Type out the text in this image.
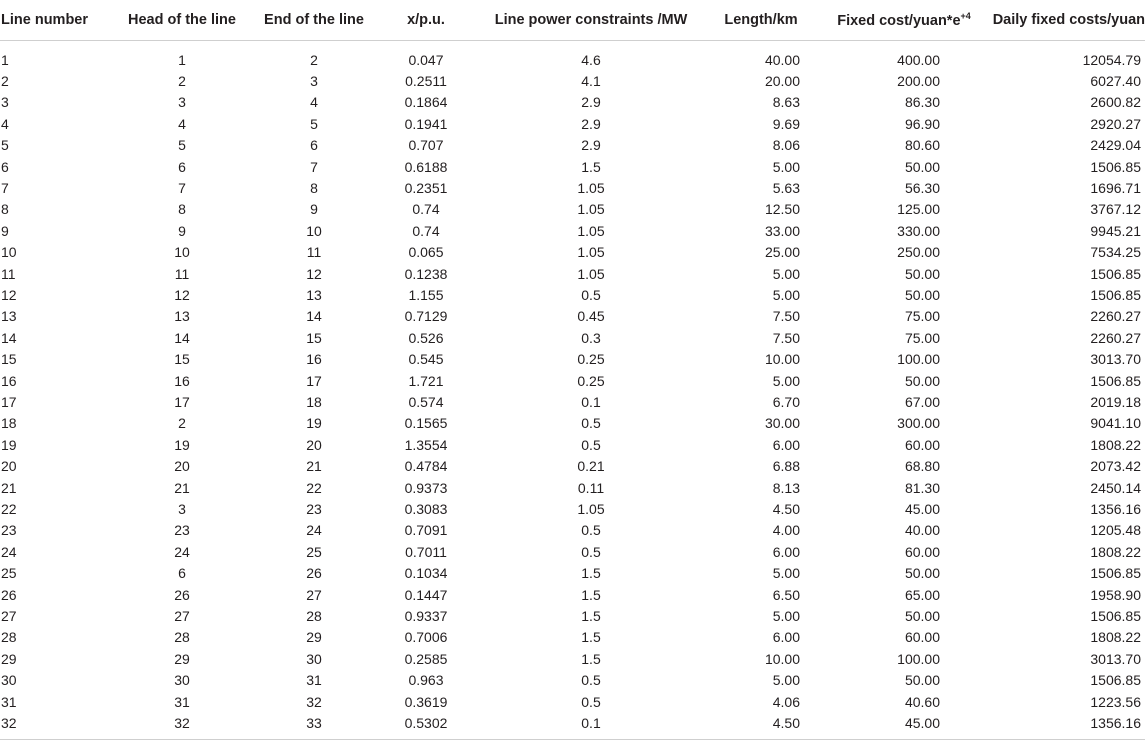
Line number	Head of the line	End of the line	x/p.u.	Line power constraints /MW	Length/km	Fixed cost/$yuan*e^{+4}$	Daily fixed costs/yuan
1	1	2	0.047	4.6	40.00	400.00	12054.79
2	2	3	0.2511	4.1	20.00	200.00	6027.40
3	3	4	0.1864	2.9	8.63	86.30	2600.82
4	4	5	0.1941	2.9	9.69	96.90	2920.27
5	5	6	0.707	2.9	8.06	80.60	2429.04
6	6	7	0.6188	1.5	5.00	50.00	1506.85
7	7	8	0.2351	1.05	5.63	56.30	1696.71
8	8	9	0.74	1.05	12.50	125.00	3767.12
9	9	10	0.74	1.05	33.00	330.00	9945.21
10	10	11	0.065	1.05	25.00	250.00	7534.25
11	11	12	0.1238	1.05	5.00	50.00	1506.85
12	12	13	1.155	0.5	5.00	50.00	1506.85
13	13	14	0.7129	0.45	7.50	75.00	2260.27
14	14	15	0.526	0.3	7.50	75.00	2260.27
15	15	16	0.545	0.25	10.00	100.00	3013.70
16	16	17	1.721	0.25	5.00	50.00	1506.85
17	17	18	0.574	0.1	6.70	67.00	2019.18
18	2	19	0.1565	0.5	30.00	300.00	9041.10
19	19	20	1.3554	0.5	6.00	60.00	1808.22
20	20	21	0.4784	0.21	6.88	68.80	2073.42
21	21	22	0.9373	0.11	8.13	81.30	2450.14
22	3	23	0.3083	1.05	4.50	45.00	1356.16
23	23	24	0.7091	0.5	4.00	40.00	1205.48
24	24	25	0.7011	0.5	6.00	60.00	1808.22
25	6	26	0.1034	1.5	5.00	50.00	1506.85
26	26	27	0.1447	1.5	6.50	65.00	1958.90
27	27	28	0.9337	1.5	5.00	50.00	1506.85
28	28	29	0.7006	1.5	6.00	60.00	1808.22
29	29	30	0.2585	1.5	10.00	100.00	3013.70
30	30	31	0.963	0.5	5.00	50.00	1506.85
31	31	32	0.3619	0.5	4.06	40.60	1223.56
32	32	33	0.5302	0.1	4.50	45.00	1356.16
